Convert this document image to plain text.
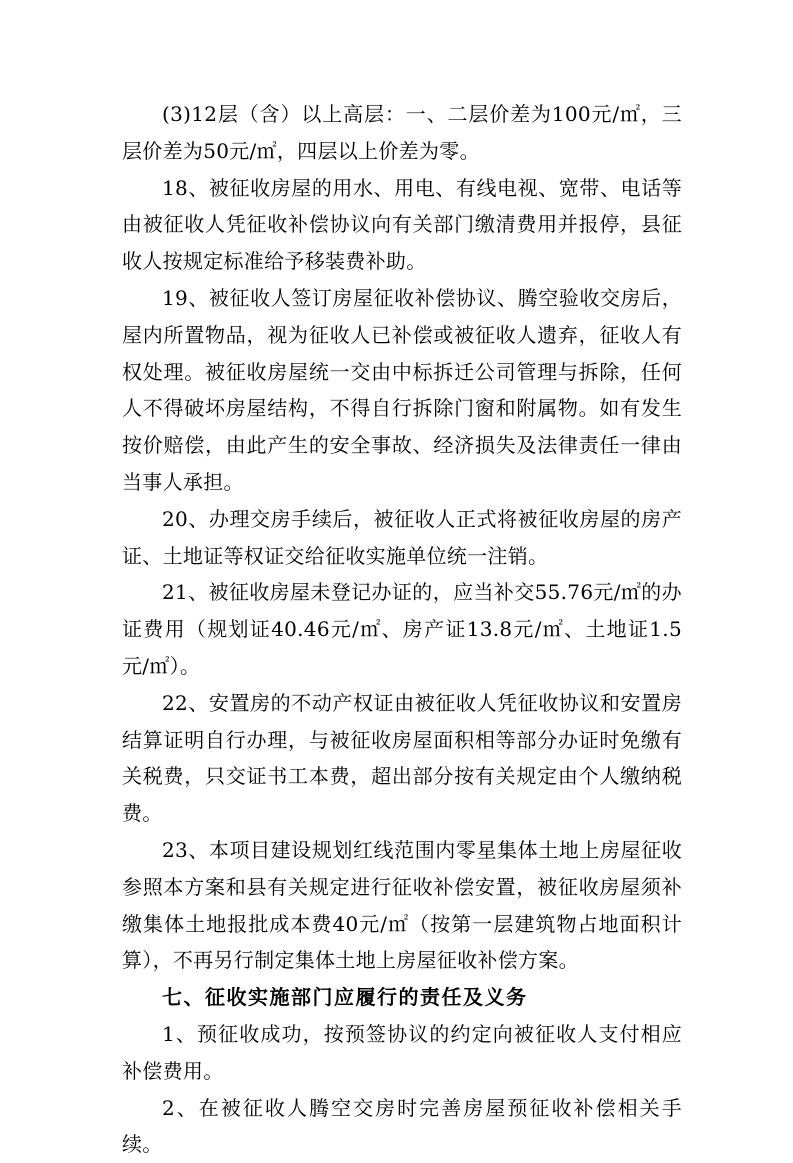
(3)12层（含）以上高层：一、二层价差为100元/㎡，三层价差为50元/㎡，四层以上价差为零。

18、被征收房屋的用水、用电、有线电视、宽带、电话等由被征收人凭征收补偿协议向有关部门缴清费用并报停，县征收人按规定标准给予移装费补助。

19、被征收人签订房屋征收补偿协议、腾空验收交房后，屋内所置物品，视为征收人已补偿或被征收人遗弃，征收人有权处理。被征收房屋统一交由中标拆迁公司管理与拆除，任何人不得破坏房屋结构，不得自行拆除门窗和附属物。如有发生按价赔偿，由此产生的安全事故、经济损失及法律责任一律由当事人承担。

20、办理交房手续后，被征收人正式将被征收房屋的房产证、土地证等权证交给征收实施单位统一注销。

21、被征收房屋未登记办证的，应当补交55.76元/㎡的办证费用（规划证40.46元/㎡、房产证13.8元/㎡、土地证1.5元/㎡）。

22、安置房的不动产权证由被征收人凭征收协议和安置房结算证明自行办理，与被征收房屋面积相等部分办证时免缴有关税费，只交证书工本费，超出部分按有关规定由个人缴纳税费。

23、本项目建设规划红线范围内零星集体土地上房屋征收参照本方案和县有关规定进行征收补偿安置，被征收房屋须补缴集体土地报批成本费40元/㎡（按第一层建筑物占地面积计算），不再另行制定集体土地上房屋征收补偿方案。

七、征收实施部门应履行的责任及义务

1、预征收成功，按预签协议的约定向被征收人支付相应补偿费用。

2、在被征收人腾空交房时完善房屋预征收补偿相关手续。
